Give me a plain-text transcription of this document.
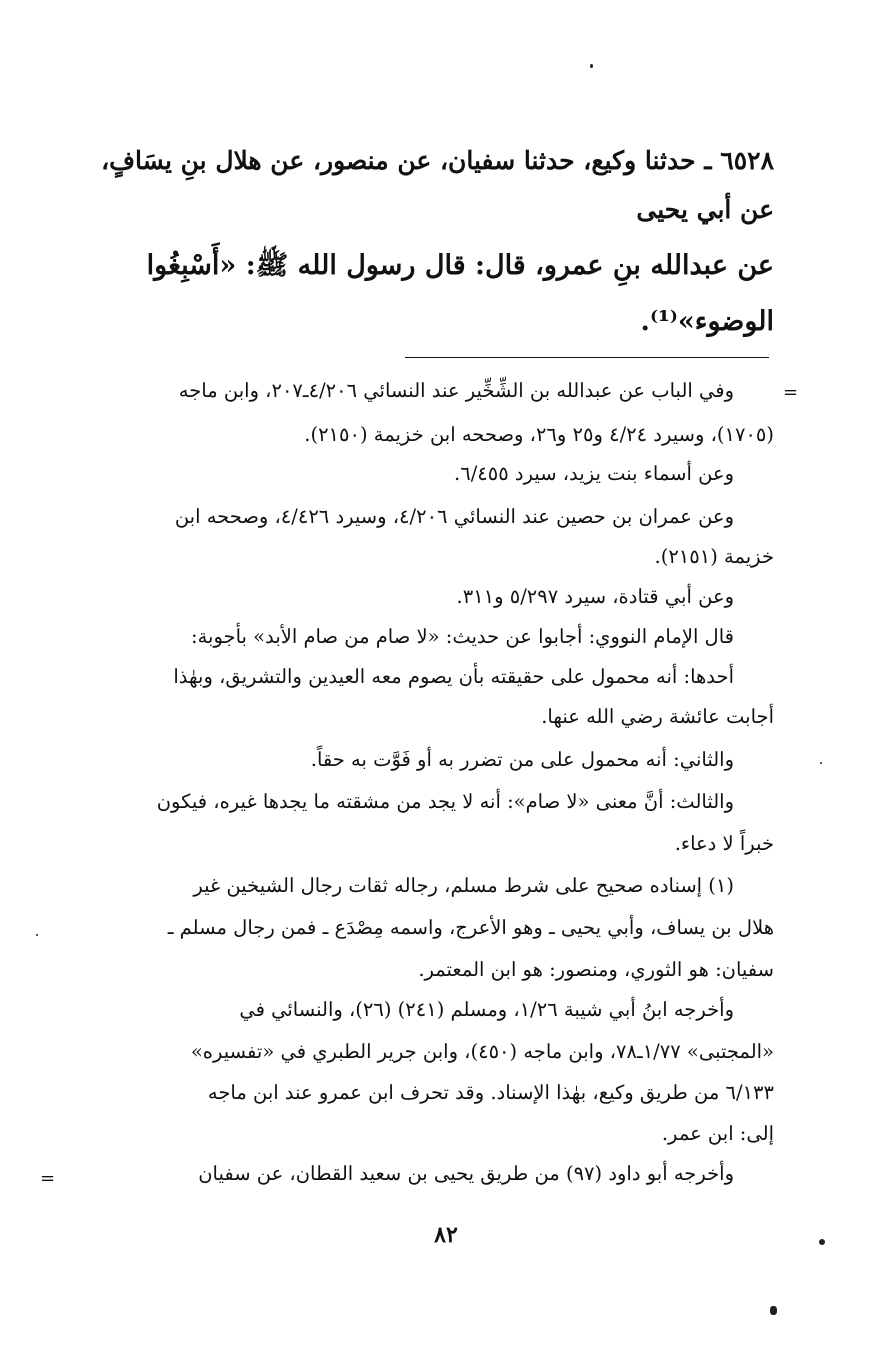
٦٥٢٨ ـ حدثنا وكيع، حدثنا سفيان، عن منصور، عن هلال بنِ يسَافٍ،
عن أبي يحيى
عن عبدالله بنِ عمرو، قال: قال رسول الله ﷺ: «أَسْبِغُوا
الوضوء»⁽¹⁾.
=
وفي الباب عن عبدالله بن الشِّخِّير عند النسائي ٤/٢٠٦ـ٢٠٧، وابن ماجه
(١٧٠٥)، وسيرد ٤/٢٤ و٢٥ و٢٦، وصححه ابن خزيمة (٢١٥٠).
وعن أسماء بنت يزيد، سيرد ٦/٤٥٥.
وعن عمران بن حصين عند النسائي ٤/٢٠٦، وسيرد ٤/٤٢٦، وصححه ابن
خزيمة (٢١٥١).
وعن أبي قتادة، سيرد ٥/٢٩٧ و٣١١.
قال الإمام النووي: أجابوا عن حديث: «لا صام من صام الأبد» بأجوبة:
أحدها: أنه محمول على حقيقته بأن يصوم معه العيدين والتشريق، وبهٰذا
أجابت عائشة رضي الله عنها.
والثاني: أنه محمول على من تضرر به أو فَوَّت به حقاً.
والثالث: أنَّ معنى «لا صام»: أنه لا يجد من مشقته ما يجدها غيره، فيكون
خبراً لا دعاء.
(١) إسناده صحيح على شرط مسلم، رجاله ثقات رجال الشيخين غير
هلال بن يساف، وأبي يحيى ـ وهو الأعرج، واسمه مِصْدَع ـ فمن رجال مسلم ـ
سفيان: هو الثوري، ومنصور: هو ابن المعتمر.
وأخرجه ابنُ أبي شيبة ١/٢٦، ومسلم (٢٤١) (٢٦)، والنسائي في
«المجتبى» ١/٧٧ـ٧٨، وابن ماجه (٤٥٠)، وابن جرير الطبري في «تفسيره»
٦/١٣٣ من طريق وكيع، بهٰذا الإسناد. وقد تحرف ابن عمرو عند ابن ماجه
إلى: ابن عمر.
وأخرجه أبو داود (٩٧) من طريق يحيى بن سعيد القطان، عن سفيان
=
٨٢
